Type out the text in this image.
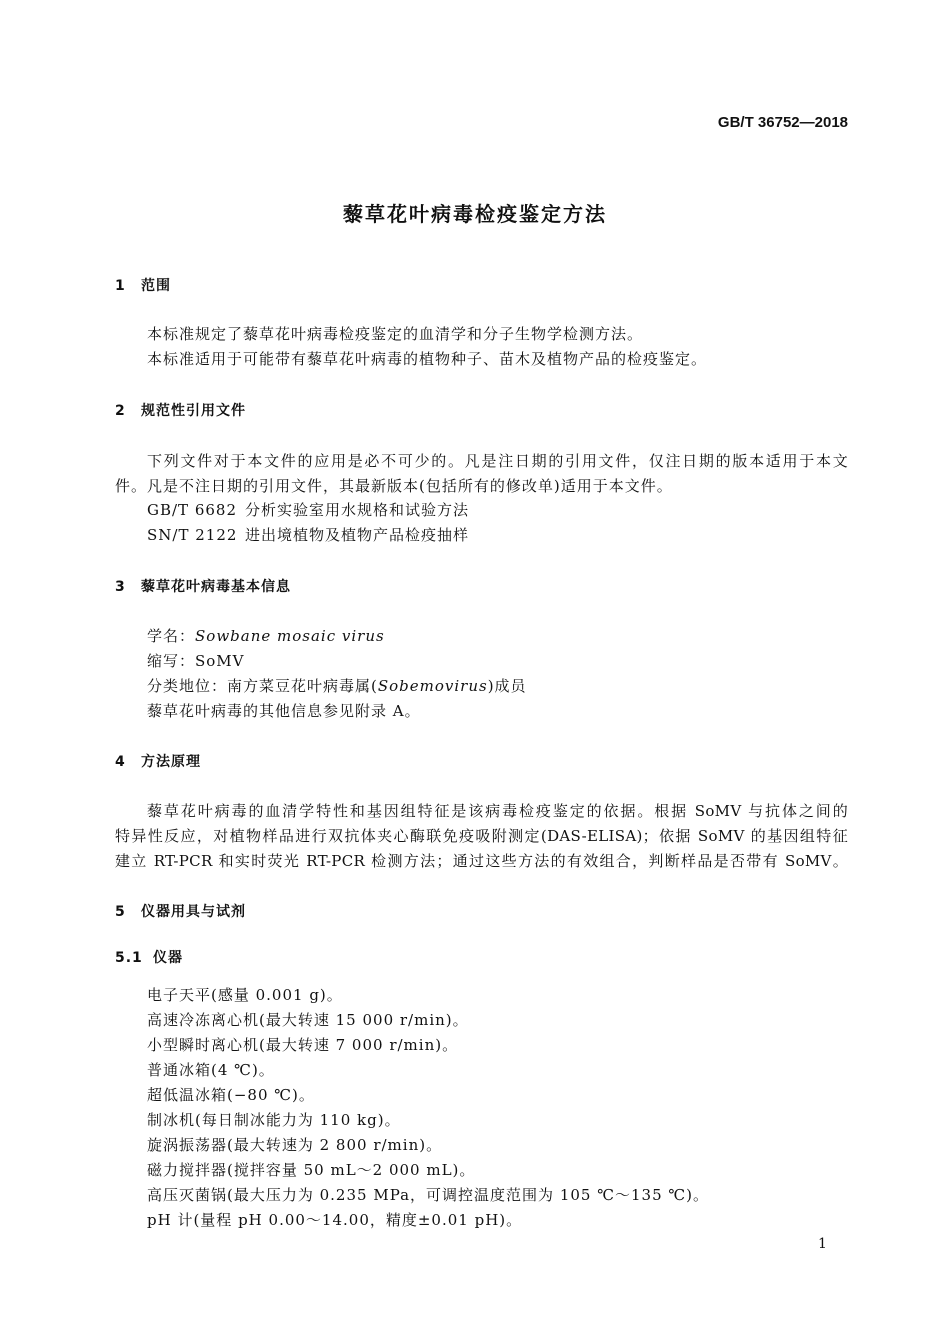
GB/T 36752—2018
藜草花叶病毒检疫鉴定方法
1 范围
本标准规定了藜草花叶病毒检疫鉴定的血清学和分子生物学检测方法。
本标准适用于可能带有藜草花叶病毒的植物种子、苗木及植物产品的检疫鉴定。
2 规范性引用文件
下列文件对于本文件的应用是必不可少的。凡是注日期的引用文件，仅注日期的版本适用于本文
件。凡是不注日期的引用文件，其最新版本(包括所有的修改单)适用于本文件。
GB/T 6682 分析实验室用水规格和试验方法
SN/T 2122 进出境植物及植物产品检疫抽样
3 藜草花叶病毒基本信息
学名：Sowbane mosaic virus
缩写：SoMV
分类地位：南方菜豆花叶病毒属(Sobemovirus)成员
藜草花叶病毒的其他信息参见附录 A。
4 方法原理
藜草花叶病毒的血清学特性和基因组特征是该病毒检疫鉴定的依据。根据 SoMV 与抗体之间的
特异性反应，对植物样品进行双抗体夹心酶联免疫吸附测定(DAS-ELISA)；依据 SoMV 的基因组特征
建立 RT-PCR 和实时荧光 RT-PCR 检测方法；通过这些方法的有效组合，判断样品是否带有 SoMV。
5 仪器用具与试剂
5.1 仪器
电子天平(感量 0.001 g)。
高速冷冻离心机(最大转速 15 000 r/min)。
小型瞬时离心机(最大转速 7 000 r/min)。
普通冰箱(4 ℃)。
超低温冰箱(−80 ℃)。
制冰机(每日制冰能力为 110 kg)。
旋涡振荡器(最大转速为 2 800 r/min)。
磁力搅拌器(搅拌容量 50 mL～2 000 mL)。
高压灭菌锅(最大压力为 0.235 MPa，可调控温度范围为 105 ℃～135 ℃)。
pH 计(量程 pH 0.00～14.00，精度±0.01 pH)。
1
